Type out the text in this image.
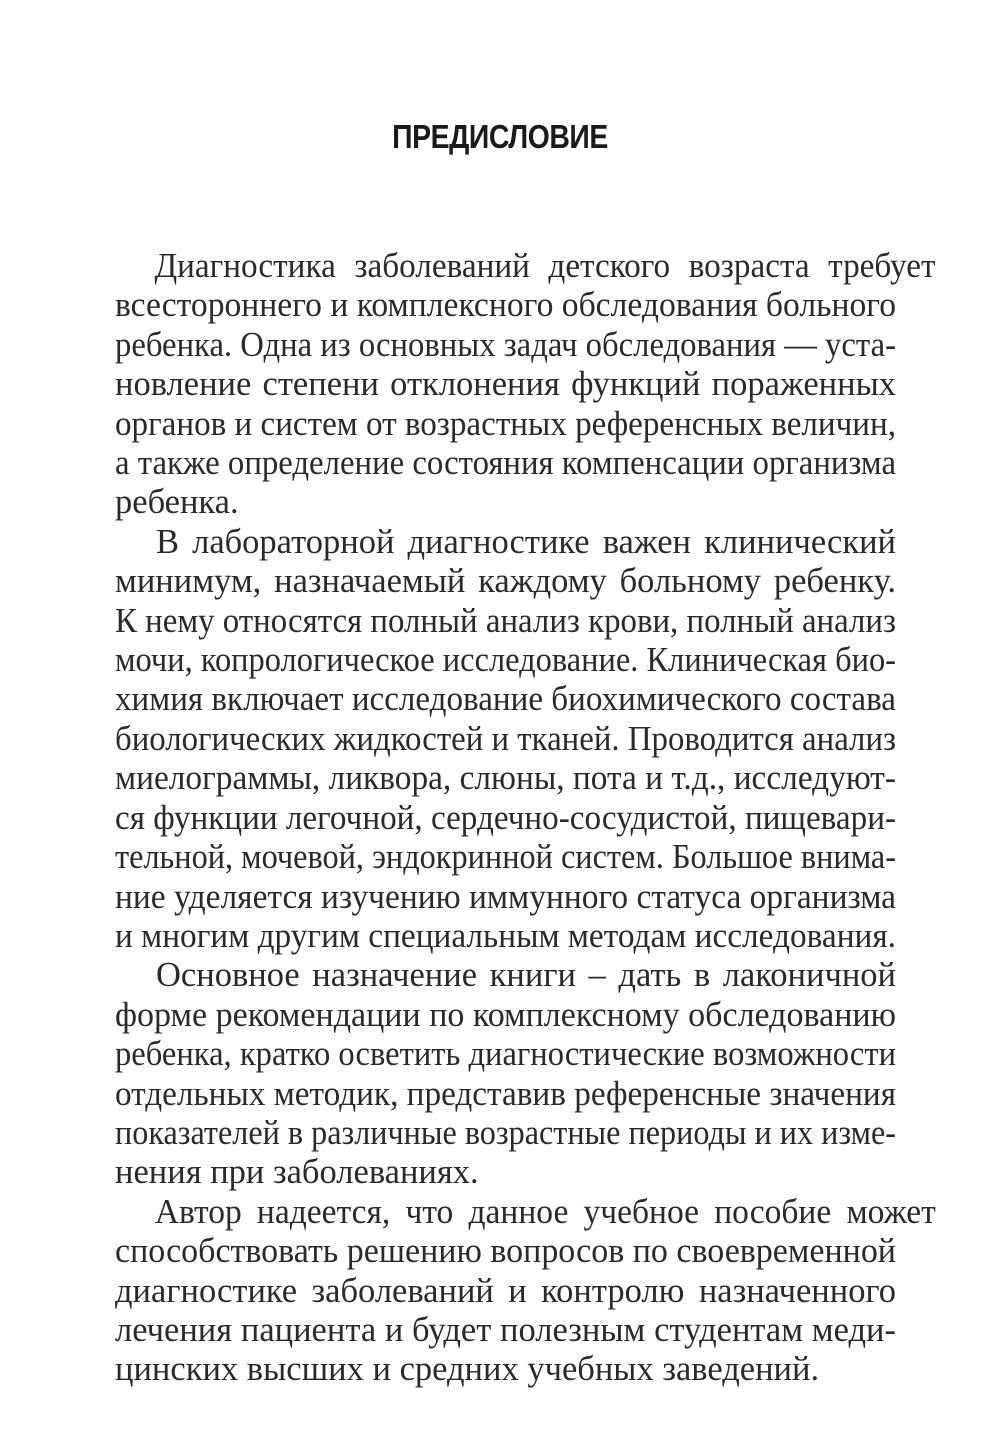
ПРЕДИСЛОВИЕ

Диагностика заболеваний детского возраста требует
всестороннего и комплексного обследования больного
ребенка. Одна из основных задач обследования — уста-
новление степени отклонения функций пораженных
органов и систем от возрастных референсных величин,
а также определение состояния компенсации организма
ребенка.

В лабораторной диагностике важен клинический
минимум, назначаемый каждому больному ребенку.
К нему относятся полный анализ крови, полный анализ
мочи, копрологическое исследование. Клиническая био-
химия включает исследование биохимического состава
биологических жидкостей и тканей. Проводится анализ
миелограммы, ликвора, слюны, пота и т.д., исследуют-
ся функции легочной, сердечно-сосудистой, пищевари-
тельной, мочевой, эндокринной систем. Большое внима-
ние уделяется изучению иммунного статуса организма
и многим другим специальным методам исследования.

Основное назначение книги – дать в лаконичной
форме рекомендации по комплексному обследованию
ребенка, кратко осветить диагностические возможности
отдельных методик, представив референсные значения
показателей в различные возрастные периоды и их изме-
нения при заболеваниях.

Автор надеется, что данное учебное пособие может
способствовать решению вопросов по своевременной
диагностике заболеваний и контролю назначенного
лечения пациента и будет полезным студентам меди-
цинских высших и средних учебных заведений.
